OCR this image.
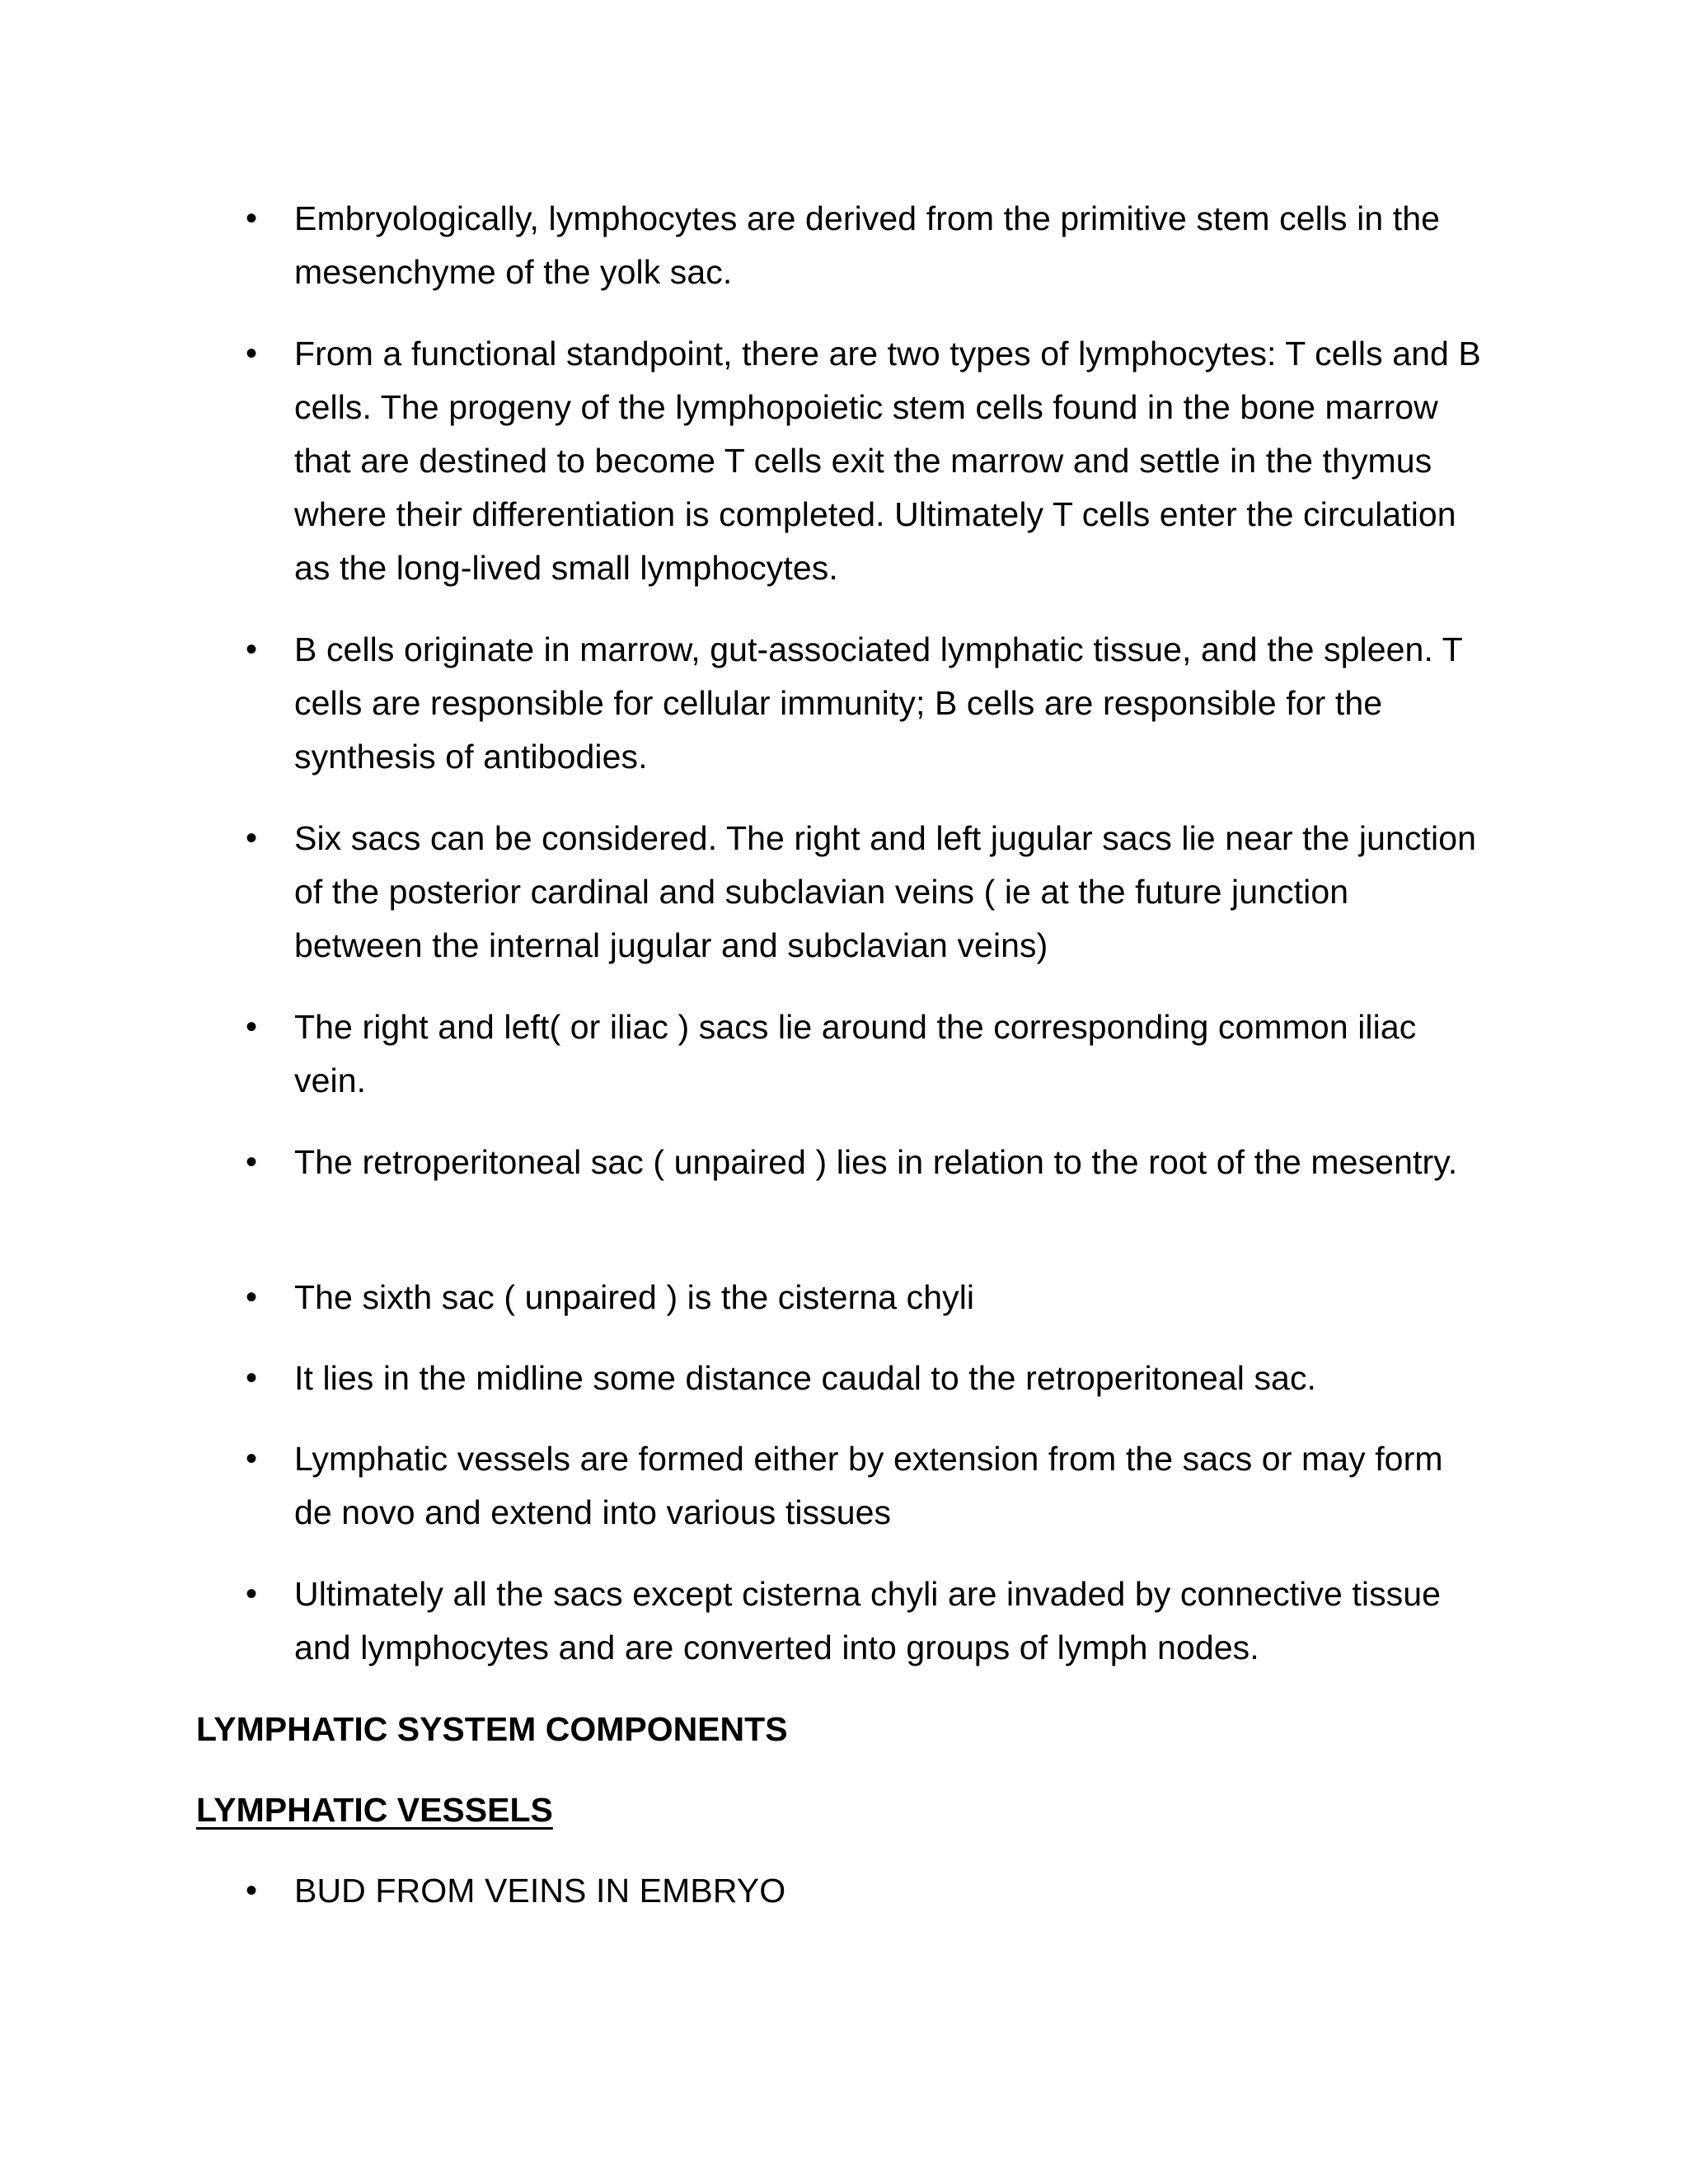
• Embryologically, lymphocytes are derived from the primitive stem cells in the mesenchyme of the yolk sac.
• From a functional standpoint, there are two types of lymphocytes: T cells and B cells. The progeny of the lymphopoietic stem cells found in the bone marrow that are destined to become T cells exit the marrow and settle in the thymus where their differentiation is completed. Ultimately T cells enter the circulation as the long-lived small lymphocytes.
• B cells originate in marrow, gut-associated lymphatic tissue, and the spleen. T cells are responsible for cellular immunity; B cells are responsible for the synthesis of antibodies.
• Six sacs can be considered. The right and left jugular sacs lie near the junction of the posterior cardinal and subclavian veins ( ie at the future junction between the internal jugular and subclavian veins)
• The right and left( or iliac ) sacs lie around the corresponding common iliac vein.
• The retroperitoneal sac ( unpaired ) lies in relation to the root of the mesentry.
• The sixth sac ( unpaired ) is the cisterna chyli
• It lies in the midline some distance caudal to the retroperitoneal sac.
• Lymphatic vessels are formed either by extension from the sacs or may form de novo and extend into various tissues
• Ultimately all the sacs except cisterna chyli are invaded by connective tissue and lymphocytes and are converted into groups of lymph nodes.
LYMPHATIC SYSTEM COMPONENTS
LYMPHATIC VESSELS
• BUD FROM VEINS IN EMBRYO
